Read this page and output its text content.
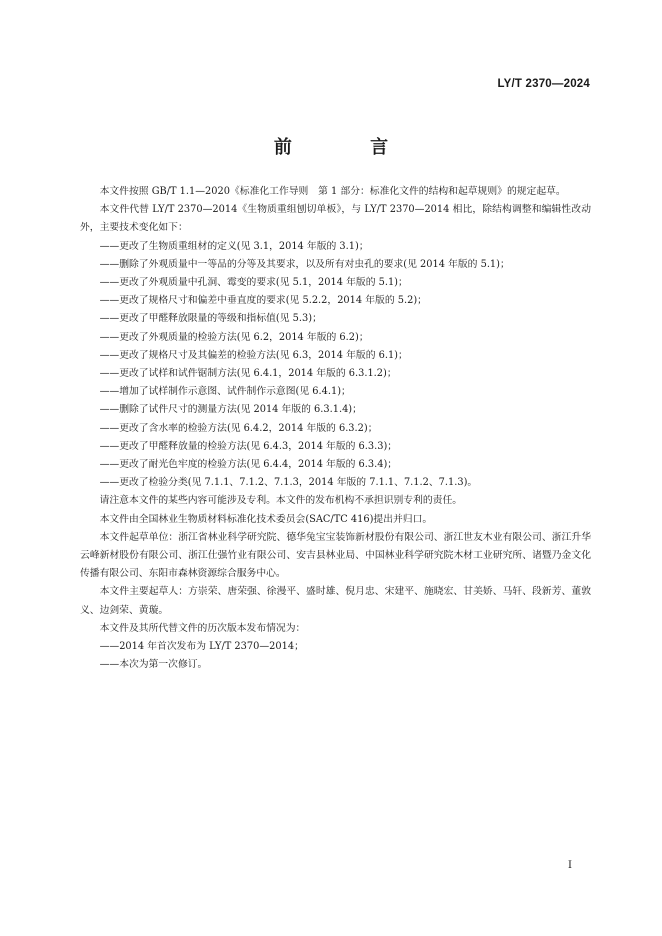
LY/T 2370—2024
前 言

本文件按照 GB/T 1.1—2020《标准化工作导则　第 1 部分：标准化文件的结构和起草规则》的规定起草。

本文件代替 LY/T 2370—2014《生物质重组刨切单板》，与 LY/T 2370—2014 相比，除结构调整和编辑性改动外，主要技术变化如下：

——更改了生物质重组材的定义(见 3.1，2014 年版的 3.1)；
——删除了外观质量中一等品的分等及其要求，以及所有对虫孔的要求(见 2014 年版的 5.1)；
——更改了外观质量中孔洞、霉变的要求(见 5.1，2014 年版的 5.1)；
——更改了规格尺寸和偏差中垂直度的要求(见 5.2.2，2014 年版的 5.2)；
——更改了甲醛释放限量的等级和指标值(见 5.3)；
——更改了外观质量的检验方法(见 6.2，2014 年版的 6.2)；
——更改了规格尺寸及其偏差的检验方法(见 6.3，2014 年版的 6.1)；
——更改了试样和试件锯制方法(见 6.4.1，2014 年版的 6.3.1.2)；
——增加了试样制作示意图、试件制作示意图(见 6.4.1)；
——删除了试件尺寸的测量方法(见 2014 年版的 6.3.1.4)；
——更改了含水率的检验方法(见 6.4.2，2014 年版的 6.3.2)；
——更改了甲醛释放量的检验方法(见 6.4.3，2014 年版的 6.3.3)；
——更改了耐光色牢度的检验方法(见 6.4.4，2014 年版的 6.3.4)；
——更改了检验分类(见 7.1.1、7.1.2、7.1.3，2014 年版的 7.1.1、7.1.2、7.1.3)。

请注意本文件的某些内容可能涉及专利。本文件的发布机构不承担识别专利的责任。

本文件由全国林业生物质材料标准化技术委员会(SAC/TC 416)提出并归口。

本文件起草单位：浙江省林业科学研究院、德华兔宝宝装饰新材股份有限公司、浙江世友木业有限公司、浙江升华云峰新材股份有限公司、浙江仕强竹业有限公司、安吉县林业局、中国林业科学研究院木材工业研究所、诸暨乃金文化传播有限公司、东阳市森林资源综合服务中心。

本文件主要起草人：方崇荣、唐荣强、徐漫平、盛时雄、倪月忠、宋建平、施晓宏、甘美娇、马轩、段新芳、董敦义、边剑荣、黄璇。

本文件及其所代替文件的历次版本发布情况为：

——2014 年首次发布为 LY/T 2370—2014；
——本次为第一次修订。
I
